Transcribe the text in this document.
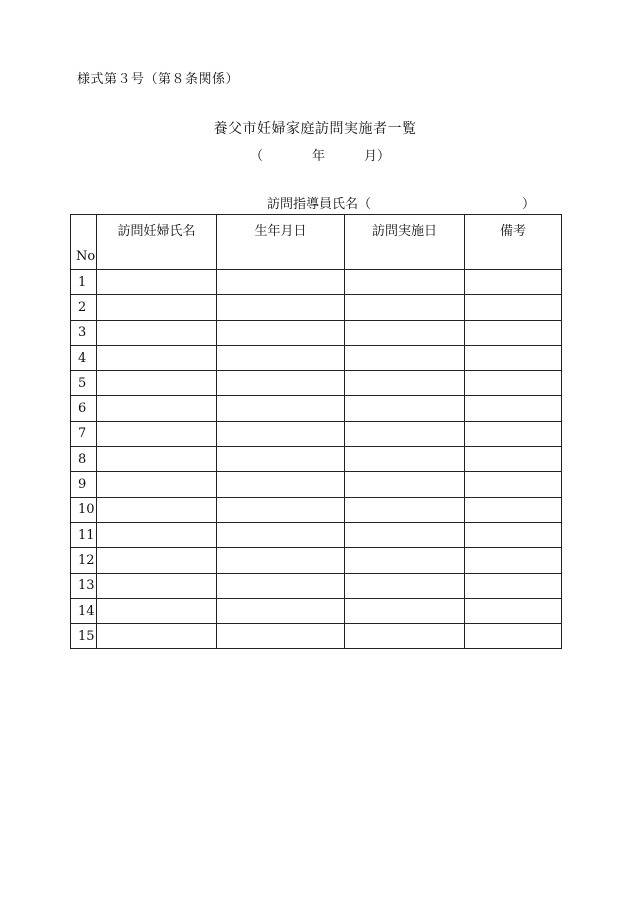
様式第３号（第８条関係）
養父市妊婦家庭訪問実施者一覧
（	年	月）
訪問指導員氏名（	）
No	訪問妊婦氏名	生年月日	訪問実施日	備考
1				
2				
3				
4				
5				
6				
7				
8				
9				
10				
11				
12				
13				
14				
15				
